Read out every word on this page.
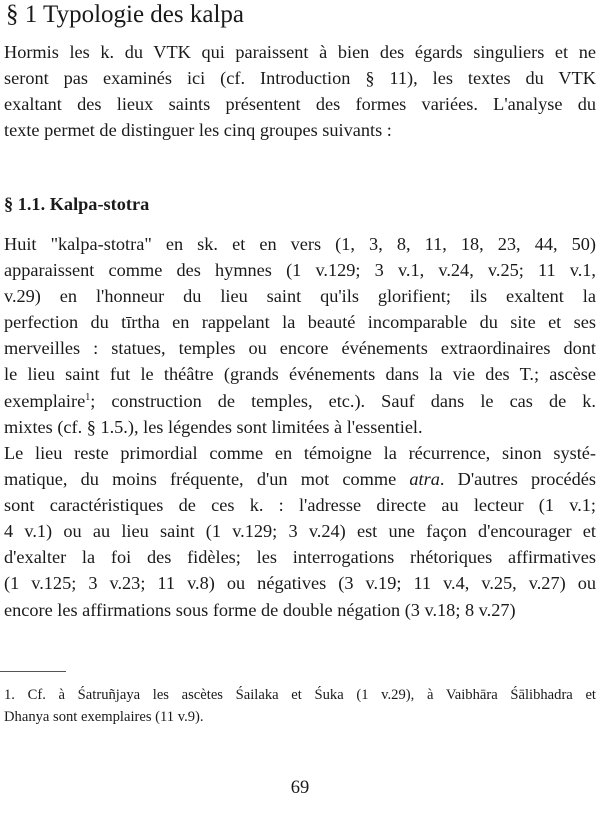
§ 1 Typologie des kalpa

Hormis les k. du VTK qui paraissent à bien des égards singuliers et ne
seront pas examinés ici (cf. Introduction § 11), les textes du VTK
exaltant des lieux saints présentent des formes variées. L'analyse du
texte permet de distinguer les cinq groupes suivants :

§ 1.1. Kalpa-stotra

Huit "kalpa-stotra" en sk. et en vers (1, 3, 8, 11, 18, 23, 44, 50)
apparaissent comme des hymnes (1 v.129; 3 v.1, v.24, v.25; 11 v.1,
v.29) en l'honneur du lieu saint qu'ils glorifient; ils exaltent la
perfection du tīrtha en rappelant la beauté incomparable du site et ses
merveilles : statues, temples ou encore événements extraordinaires dont
le lieu saint fut le théâtre (grands événements dans la vie des T.; ascèse
exemplaire$^1$; construction de temples, etc.). Sauf dans le cas de k.
mixtes (cf. § 1.5.), les légendes sont limitées à l'essentiel.

Le lieu reste primordial comme en témoigne la récurrence, sinon systé-
matique, du moins fréquente, d'un mot comme atra. D'autres procédés
sont caractéristiques de ces k. : l'adresse directe au lecteur (1 v.1;
4 v.1) ou au lieu saint (1 v.129; 3 v.24) est une façon d'encourager et
d'exalter la foi des fidèles; les interrogations rhétoriques affirmatives
(1 v.125; 3 v.23; 11 v.8) ou négatives (3 v.19; 11 v.4, v.25, v.27) ou
encore les affirmations sous forme de double négation (3 v.18; 8 v.27)

1. Cf. à Śatruñjaya les ascètes Śailaka et Śuka (1 v.29), à Vaibhāra Śālibhadra et
Dhanya sont exemplaires (11 v.9).

69
